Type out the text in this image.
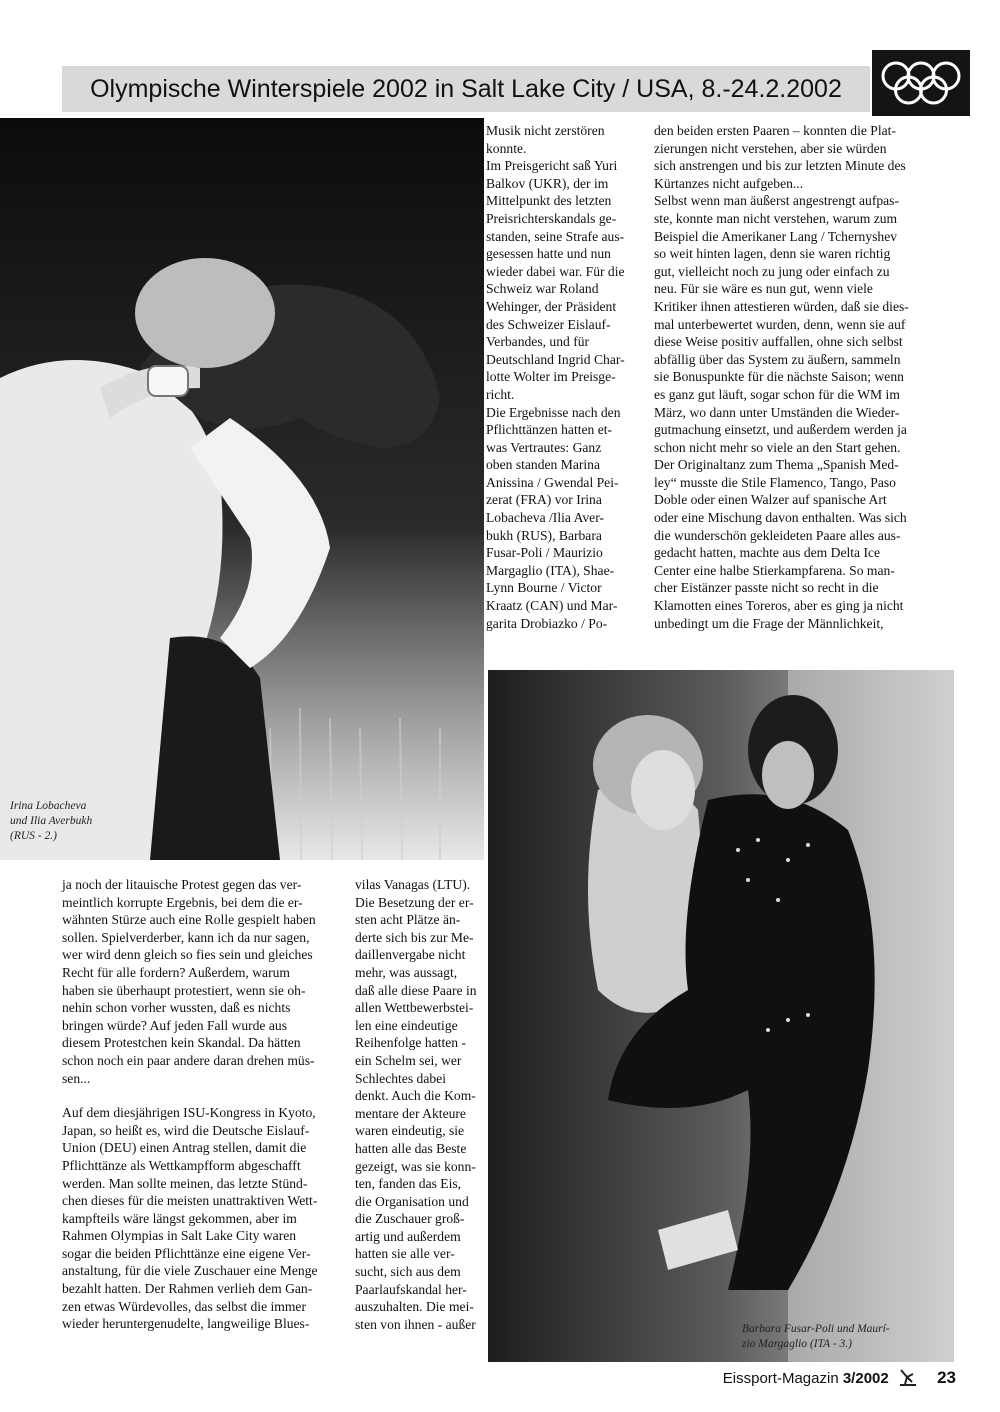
Olympische Winterspiele 2002 in Salt Lake City / USA, 8.-24.2.2002
Irina Lobacheva
und Ilia Averbukh
(RUS - 2.)
Barbara Fusar-Poli und Maurí-
zio Margaglio (ITA - 3.)

Musik nicht zerstören

konnte.

Im Preisgericht saß Yuri

Balkov (UKR), der im

Mittelpunkt des letzten

Preisrichterskandals ge-

standen, seine Strafe aus-

gesessen hatte und nun

wieder dabei war. Für die

Schweiz war Roland

Wehinger, der Präsident

des Schweizer Eislauf-

Verbandes, und für

Deutschland Ingrid Char-

lotte Wolter im Preisge-

richt.

Die Ergebnisse nach den

Pflichttänzen hatten et-

was Vertrautes: Ganz

oben standen Marina

Anissina / Gwendal Pei-

zerat (FRA) vor Irina

Lobacheva /Ilia Aver-

bukh (RUS), Barbara

Fusar-Poli / Maurizio

Margaglio (ITA), Shae-

Lynn Bourne / Victor

Kraatz (CAN) und Mar-

garita Drobiazko / Po-

den beiden ersten Paaren – konnten die Plat-

zierungen nicht verstehen, aber sie würden

sich anstrengen und bis zur letzten Minute des

Kürtanzes nicht aufgeben...

Selbst wenn man äußerst angestrengt aufpas-

ste, konnte man nicht verstehen, warum zum

Beispiel die Amerikaner Lang / Tchernyshev

so weit hinten lagen, denn sie waren richtig

gut, vielleicht noch zu jung oder einfach zu

neu. Für sie wäre es nun gut, wenn viele

Kritiker ihnen attestieren würden, daß sie dies-

mal unterbewertet wurden, denn, wenn sie auf

diese Weise positiv auffallen, ohne sich selbst

abfällig über das System zu äußern, sammeln

sie Bonuspunkte für die nächste Saison; wenn

es ganz gut läuft, sogar schon für die WM im

März, wo dann unter Umständen die Wieder-

gutmachung einsetzt, und außerdem werden ja

schon nicht mehr so viele an den Start gehen.

Der Originaltanz zum Thema „Spanish Med-

ley“ musste die Stile Flamenco, Tango, Paso

Doble oder einen Walzer auf spanische Art

oder eine Mischung davon enthalten. Was sich

die wunderschön gekleideten Paare alles aus-

gedacht hatten, machte aus dem Delta Ice

Center eine halbe Stierkampfarena. So man-

cher Eistänzer passte nicht so recht in die

Klamotten eines Toreros, aber es ging ja nicht

unbedingt um die Frage der Männlichkeit,

ja noch der litauische Protest gegen das ver-

meintlich korrupte Ergebnis, bei dem die er-

wähnten Stürze auch eine Rolle gespielt haben

sollen. Spielverderber, kann ich da nur sagen,

wer wird denn gleich so fies sein und gleiches

Recht für alle fordern? Außerdem, warum

haben sie überhaupt protestiert, wenn sie oh-

nehin schon vorher wussten, daß es nichts

bringen würde? Auf jeden Fall wurde aus

diesem Protestchen kein Skandal. Da hätten

schon noch ein paar andere daran drehen müs-

sen...

Auf dem diesjährigen ISU-Kongress in Kyoto,

Japan, so heißt es, wird die Deutsche Eislauf-

Union (DEU) einen Antrag stellen, damit die

Pflichttänze als Wettkampfform abgeschafft

werden. Man sollte meinen, das letzte Stünd-

chen dieses für die meisten unattraktiven Wett-

kampfteils wäre längst gekommen, aber im

Rahmen Olympias in Salt Lake City waren

sogar die beiden Pflichttänze eine eigene Ver-

anstaltung, für die viele Zuschauer eine Menge

bezahlt hatten. Der Rahmen verlieh dem Gan-

zen etwas Würdevolles, das selbst die immer

wieder heruntergenudelte, langweilige Blues-

vilas Vanagas (LTU).

Die Besetzung der er-

sten acht Plätze än-

derte sich bis zur Me-

daillenvergabe nicht

mehr, was aussagt,

daß alle diese Paare in

allen Wettbewerbstei-

len eine eindeutige

Reihenfolge hatten -

ein Schelm sei, wer

Schlechtes dabei

denkt. Auch die Kom-

mentare der Akteure

waren eindeutig, sie

hatten alle das Beste

gezeigt, was sie konn-

ten, fanden das Eis,

die Organisation und

die Zuschauer groß-

artig und außerdem

hatten sie alle ver-

sucht, sich aus dem

Paarlaufskandal her-

auszuhalten. Die mei-

sten von ihnen - außer

Eissport-Magazin 3/2002	23
